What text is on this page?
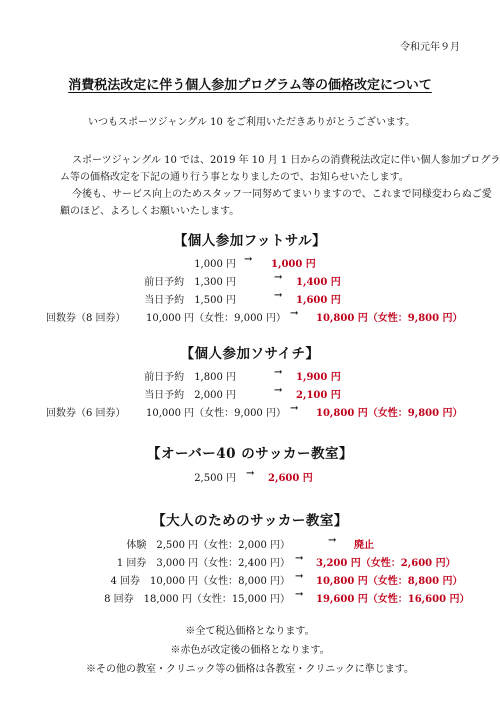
令和元年９月
消費税法改定に伴う個人参加プログラム等の価格改定について
いつもスポーツジャングル 10 をご利用いただきありがとうございます。
スポーツジャングル 10 では、2019 年 10 月 1 日からの消費税法改定に伴い個人参加プログラ
ム等の価格改定を下記の通り行う事となりましたので、お知らせいたします。
今後も、サービス向上のためスタッフ一同努めてまいりますので、これまで同様変わらぬご愛
顧のほど、よろしくお願いいたします。
【個人参加フットサル】
1,000 円 → 1,000 円
前日予約　 1,300 円	→ 1,400 円
当日予約　 1,500 円	→ 1,600 円
回数券（8 回券） 10,000 円（女性：9,000 円） → 10,800 円（女性：9,800 円）
【個人参加ソサイチ】
前日予約　 1,800 円	→ 1,900 円
当日予約　 2,000 円	→ 2,100 円
回数券（6 回券） 10,000 円（女性：9,000 円） → 10,800 円（女性：9,800 円）
【オーバー40 のサッカー教室】
2,500 円 → 2,600 円
【大人のためのサッカー教室】
体験　 2,500 円（女性：2,000 円）	→ 廃止
1 回券　 3,000 円（女性：2,400 円） → 3,200 円（女性：2,600 円）
4 回券　 10,000 円（女性：8,000 円） → 10,800 円（女性：8,800 円）
8 回券　 18,000 円（女性：15,000 円） → 19,600 円（女性：16,600 円）
※全て税込価格となります。
※赤色が改定後の価格となります。
※その他の教室・クリニック等の価格は各教室・クリニックに準じます。
